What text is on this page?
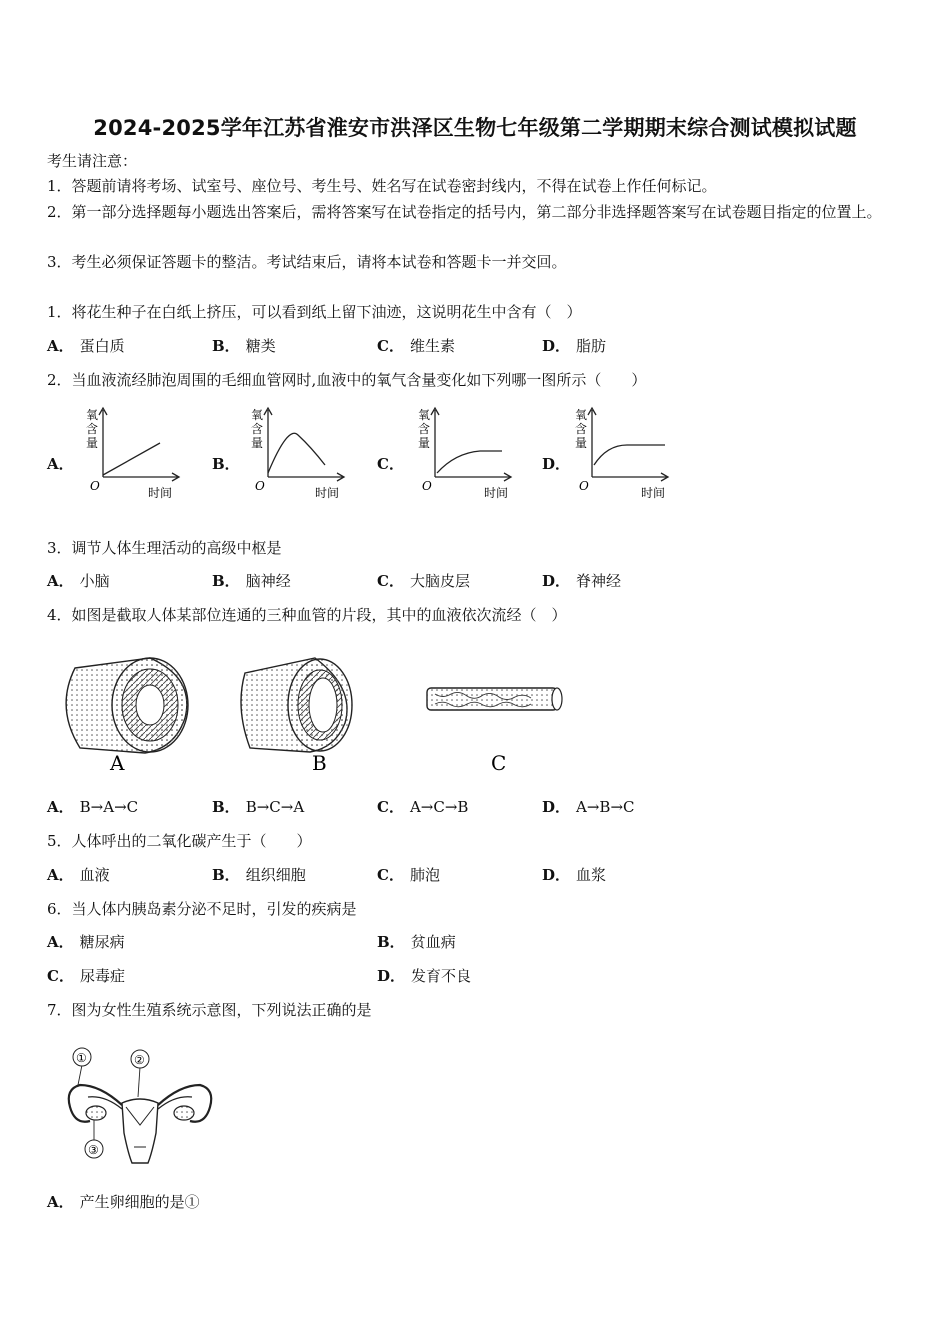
2024-2025学年江苏省淮安市洪泽区生物七年级第二学期期末综合测试模拟试题
考生请注意：
1．答题前请将考场、试室号、座位号、考生号、姓名写在试卷密封线内，不得在试卷上作任何标记。
2．第一部分选择题每小题选出答案后，需将答案写在试卷指定的括号内，第二部分非选择题答案写在试卷题目指定的位置上。
3．考生必须保证答题卡的整洁。考试结束后，请将本试卷和答题卡一并交回。
1．将花生种子在白纸上挤压，可以看到纸上留下油迹，这说明花生中含有（　）
A． 蛋白质	B． 糖类	C． 维生素	D． 脂肪
2．当血液流经肺泡周围的毛细血管网时,血液中的氧气含量变化如下列哪一图所示（　　）
A．	B．	C．	D．
氧
含
量
时间
O
氧
含
量
时间
O
氧
含
量
时间
O
氧
含
量
时间
O
3．调节人体生理活动的高级中枢是
A． 小脑	B． 脑神经	C． 大脑皮层	D． 脊神经
4．如图是截取人体某部位连通的三种血管的片段，其中的血液依次流经（　）
A	B	C
A． B→A→C	B． B→C→A	C． A→C→B	D． A→B→C
5．人体呼出的二氧化碳产生于（　　）
A． 血液	B． 组织细胞	C． 肺泡	D． 血浆
6．当人体内胰岛素分泌不足时，引发的疾病是
A． 糖尿病	B． 贫血病
C． 尿毒症	D． 发育不良
7．图为女性生殖系统示意图，下列说法正确的是
①	②
③
A． 产生卵细胞的是①
